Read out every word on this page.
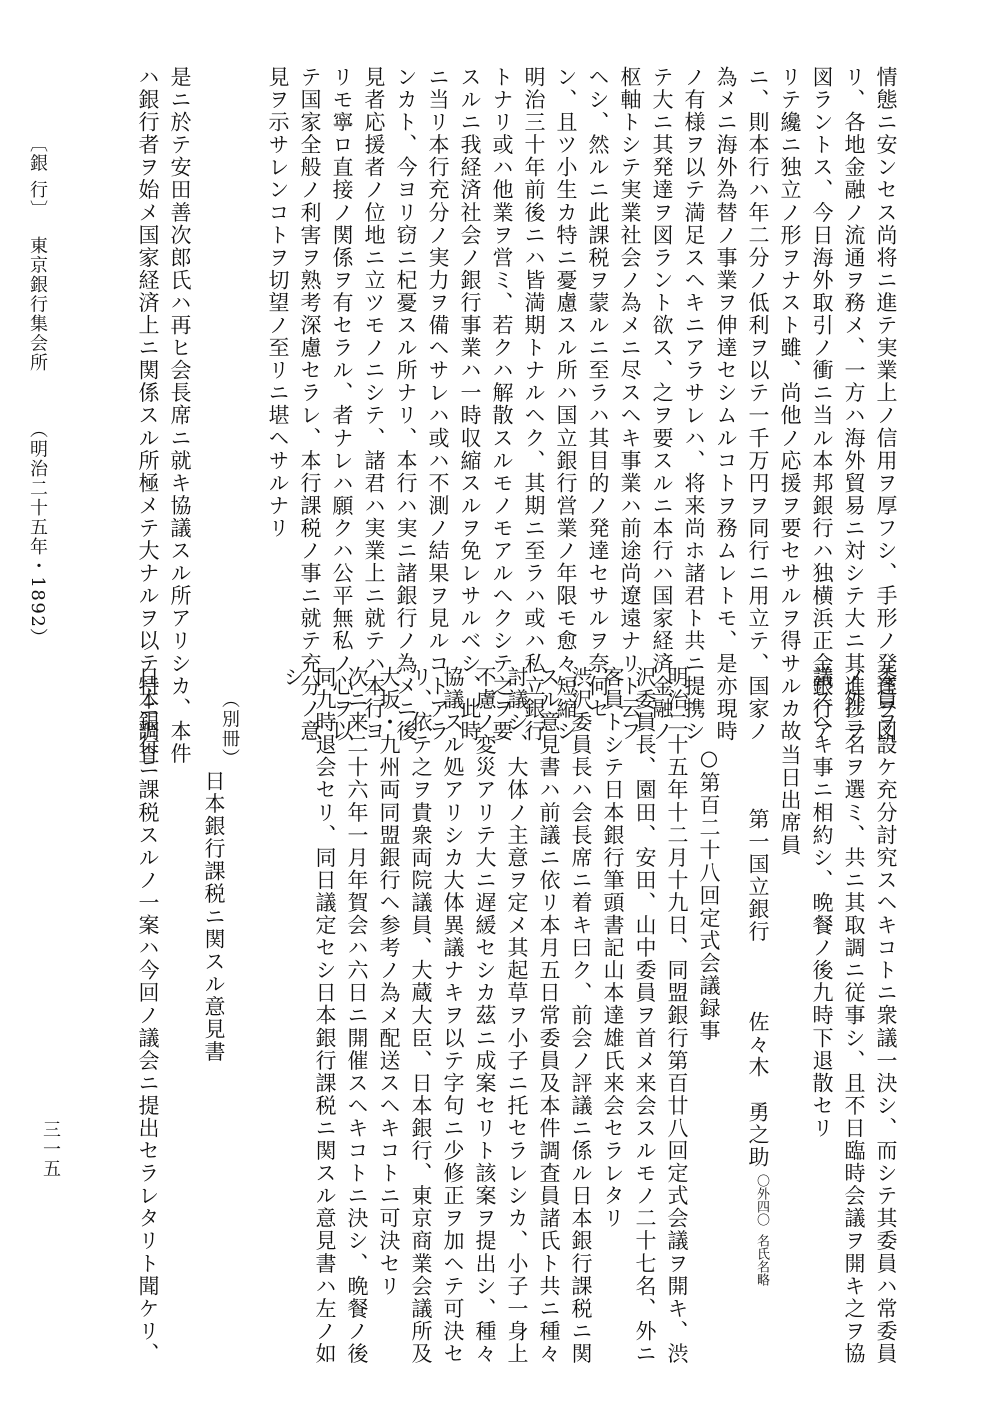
情態ニ安ンセス尚将ニ進テ実業上ノ信用ヲ厚フシ、手形ノ発達ヲ図
リ、各地金融ノ流通ヲ務メ、一方ハ海外貿易ニ対シテ大ニ其進捗ヲ
図ラントス、今日海外取引ノ衝ニ当ル本邦銀行ハ独横浜正金銀行ア
リテ纔ニ独立ノ形ヲナスト雖、尚他ノ応援ヲ要セサルヲ得サルカ故
ニ、則本行ハ年二分ノ低利ヲ以テ一千万円ヲ同行ニ用立テ、国家ノ
為メニ海外為替ノ事業ヲ伸達セシムルコトヲ務ムレトモ、是亦現時
ノ有様ヲ以テ満足スヘキニアラサレハ、将来尚ホ諸君ト共ニ提携シ
テ大ニ其発達ヲ図ラント欲ス、之ヲ要スルニ本行ハ国家経済金融ノ
枢軸トシテ実業社会ノ為メニ尽スヘキ事業ハ前途尚遼遠ナリト云フ
ヘシ、然ルニ此課税ヲ蒙ルニ至ラハ其目的ノ発達セサルヲ奈何セ
ン、且ツ小生カ特ニ憂慮スル所ハ国立銀行営業ノ年限モ愈々短縮シ
明治三十年前後ニハ皆満期トナルヘク、其期ニ至ラハ或ハ私立銀行
トナリ或ハ他業ヲ営ミ、若クハ解散スルモノモアルヘクシテ之ヲ要
スルニ我経済社会ノ銀行事業ハ一時収縮スルヲ免レサルベシ、此時
ニ当リ本行充分ノ実力ヲ備ヘサレハ或ハ不測ノ結果ヲ見ルコトアラ
ンカト、今ヨリ窃ニ杞憂スル所ナリ、本行ハ実ニ諸銀行ノ為メニ後
見者応援者ノ位地ニ立ツモノニシテ、諸君ハ実業上ニ就テハ本行ヨ
リモ寧ロ直接ノ関係ヲ有セラル、者ナレハ願クハ公平無私ノ心ヲ以
テ国家全般ノ利害ヲ熟考深慮セラレ、本行課税ノ事ニ就テ充分ノ意
見ヲ示サレンコトヲ切望ノ至リニ堪ヘサルナリ
是ニ於テ安田善次郎氏ハ再ヒ会長席ニ就キ協議スル所アリシカ、本件
ハ銀行者ヲ始メ国家経済上ニ関係スル所極メテ大ナルヲ以テ特ニ調査
委員ヲ設ケ充分討究スヘキコトニ衆議一決シ、而シテ其委員ハ常委員
ノ外三名ヲ選ミ、共ニ其取調ニ従事シ、且不日臨時会議ヲ開キ之ヲ協
議スヘキ事ニ相約シ、晩餐ノ後九時下退散セリ
当日出席員
第一国立銀行　　　佐々木　勇之助
〇外四〇 名氏名略
○第百二十八回定式会議録事
明治二十五年十二月十九日、同盟銀行第百廿八回定式会議ヲ開キ、渋
沢委員長、園田、安田、山中委員ヲ首メ来会スルモノ二十七名、外ニ
客員トシテ日本銀行筆頭書記山本達雄氏来会セラレタリ
渋沢委員長ハ会長席ニ着キ曰ク、前会ノ評議ニ係ル日本銀行課税ニ関
スル意見書ハ前議ニ依リ本月五日常委員及本件調査員諸氏ト共ニ種々
討議シ、大体ノ主意ヲ定メ其起草ヲ小子ニ托セラレシカ、小子一身上
不慮ノ変災アリテ大ニ遅緩セシカ茲ニ成案セリト該案ヲ提出シ、種々
協議スル処アリシカ大体異議ナキヲ以テ字句ニ少修正ヲ加ヘテ可決セ
リ、依テ之ヲ貴衆両院議員、大蔵大臣、日本銀行、東京商業会議所及
大坂・九州両同盟銀行ヘ参考ノ為メ配送スヘキコトニ可決セリ
次ニ来二十六年一月年賀会ハ六日ニ開催スヘキコトニ決シ、晩餐ノ後
同九時退会セリ、同日議定セシ日本銀行課税ニ関スル意見書ハ左ノ如
シ
（別冊）
日本銀行課税ニ関スル意見書
日本銀行ニ課税スルノ一案ハ今回ノ議会ニ提出セラレタリト聞ケリ、
〔銀 行〕
東京銀行集会所
（明治二十五年・1892）
三一五
